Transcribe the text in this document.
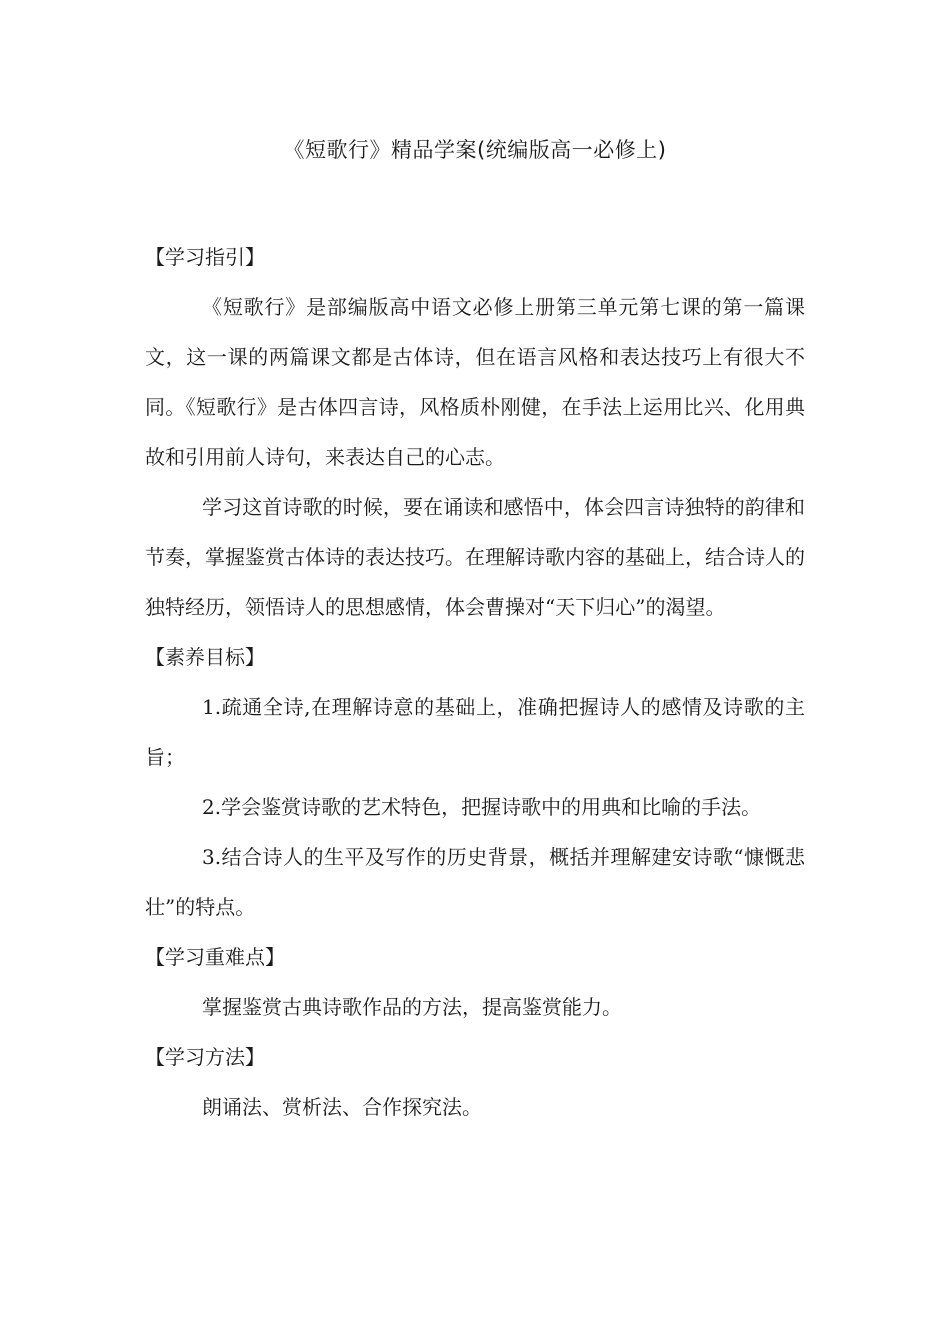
《短歌行》精品学案(统编版高一必修上)

【学习指引】

《短歌行》是部编版高中语文必修上册第三单元第七课的第一篇课文，这一课的两篇课文都是古体诗，但在语言风格和表达技巧上有很大不同。《短歌行》是古体四言诗，风格质朴刚健，在手法上运用比兴、化用典故和引用前人诗句，来表达自己的心志。

学习这首诗歌的时候，要在诵读和感悟中，体会四言诗独特的韵律和节奏，掌握鉴赏古体诗的表达技巧。在理解诗歌内容的基础上，结合诗人的独特经历，领悟诗人的思想感情，体会曹操对“天下归心”的渴望。

【素养目标】

1.疏通全诗,在理解诗意的基础上，准确把握诗人的感情及诗歌的主旨；

2.学会鉴赏诗歌的艺术特色，把握诗歌中的用典和比喻的手法。

3.结合诗人的生平及写作的历史背景，概括并理解建安诗歌“慷慨悲壮”的特点。

【学习重难点】

掌握鉴赏古典诗歌作品的方法，提高鉴赏能力。

【学习方法】

朗诵法、赏析法、合作探究法。
